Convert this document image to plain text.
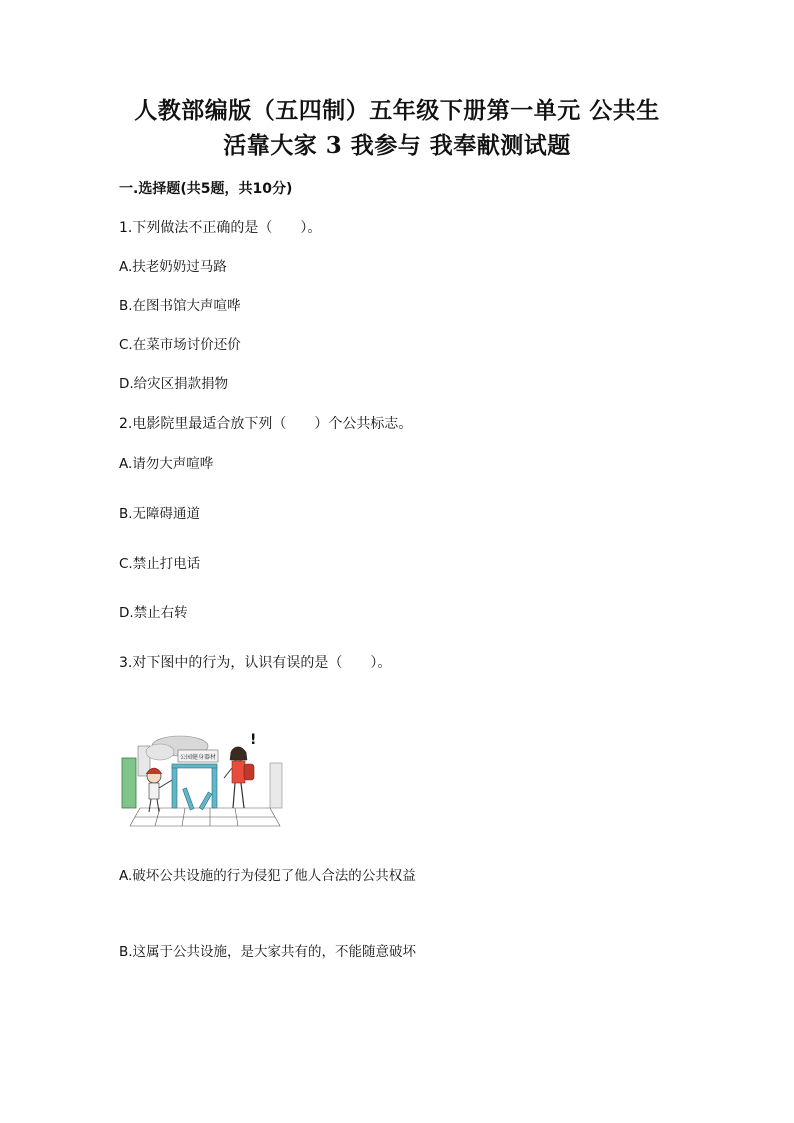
人教部编版（五四制）五年级下册第一单元 公共生
活靠大家 3 我参与 我奉献测试题
一.选择题(共5题，共10分)
1.下列做法不正确的是（　　）。
A.扶老奶奶过马路
B.在图书馆大声喧哗
C.在菜市场讨价还价
D.给灾区捐款捐物
2.电影院里最适合放下列（　　）个公共标志。
A.请勿大声喧哗
B.无障碍通道
C.禁止打电话
D.禁止右转
3.对下图中的行为，认识有误的是（　　）。
公园健身器材
!
A.破坏公共设施的行为侵犯了他人合法的公共权益
B.这属于公共设施，是大家共有的，不能随意破坏
